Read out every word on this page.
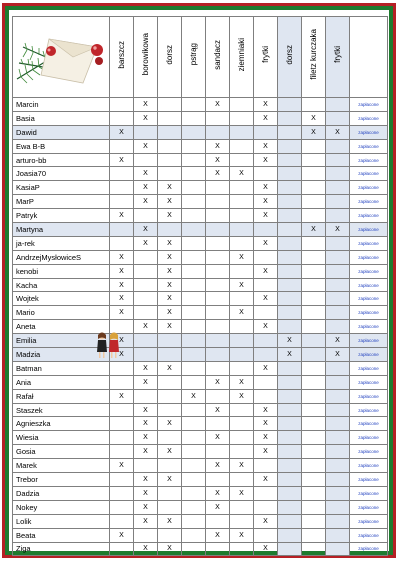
	barszcz	borowikowa	dorsz	pstrąg	sandacz	ziemniaki	frytki	dorsz	filetz kurczaka	frytki	
Marcin		X			X		X				zapłacone
Basia		X					X		X		zapłacone
Dawid	X								X	X	zapłacone
Ewa B-B		X			X		X				zapłacone
arturo-bb	X				X		X				zapłacone
Joasia70		X			X	X					zapłacone
KasiaP		X	X				X				zapłacone
MarP		X	X				X				zapłacone
Patryk	X		X				X				zapłacone
Martyna		X							X	X	zapłacone
ja-rek		X	X				X				zapłacone
AndrzejMysłowiceS	X		X			X					zapłacone
kenobi	X		X				X				zapłacone
Kacha	X		X			X					zapłacone
Wojtek	X		X				X				zapłacone
Mario	X		X			X					zapłacone
Aneta		X	X				X				zapłacone
Emilia	X							X		X	zapłacone
Madzia	X							X		X	zapłacone
Batman		X	X				X				zapłacone
Ania		X			X	X					zapłacone
Rafał	X			X		X					zapłacone
Staszek		X			X		X				zapłacone
Agnieszka		X	X				X				zapłacone
Wiesia		X			X		X				zapłacone
Gosia		X	X				X				zapłacone
Marek	X				X	X					zapłacone
Trebor		X	X				X				zapłacone
Dadzia		X			X	X					zapłacone
Nokey		X			X						zapłacone
Lolik		X	X				X				zapłacone
Beata	X				X	X					zapłacone
Ziga		X	X				X				zapłacone
